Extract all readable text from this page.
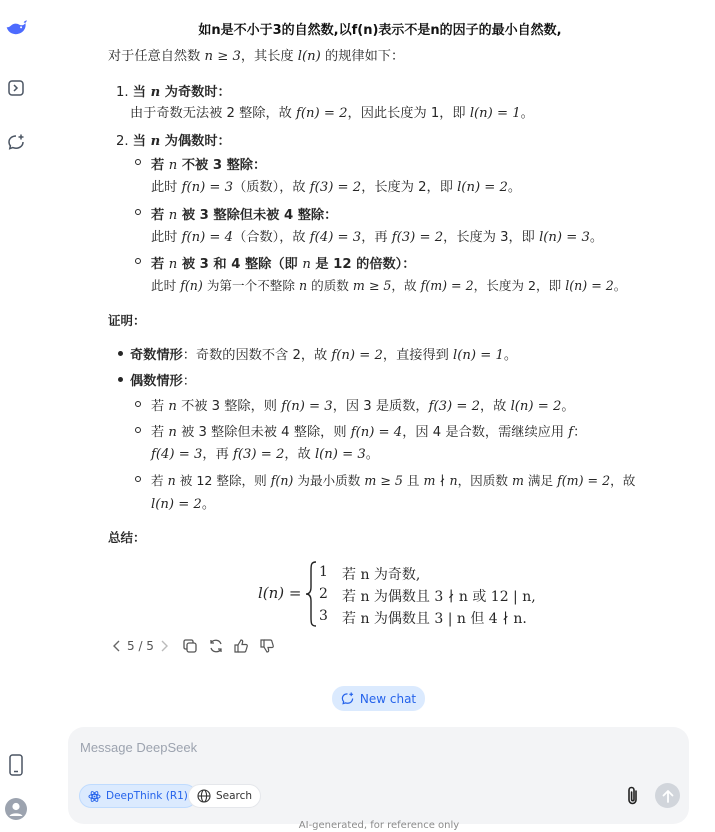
如n是不小于3的自然数,以f(n)表示不是n的因子的最小自然数,
对于任意自然数 n ≥ 3，其长度 l(n) 的规律如下：
1. 当 n 为奇数时：
由于奇数无法被 2 整除，故 f(n) = 2，因此长度为 1，即 l(n) = 1。
2. 当 n 为偶数时：
若 n 不被 3 整除：
此时 f(n) = 3（质数），故 f(3) = 2，长度为 2，即 l(n) = 2。
若 n 被 3 整除但未被 4 整除：
此时 f(n) = 4（合数），故 f(4) = 3，再 f(3) = 2，长度为 3，即 l(n) = 3。
若 n 被 3 和 4 整除（即 n 是 12 的倍数）：
此时 f(n) 为第一个不整除 n 的质数 m ≥ 5，故 f(m) = 2，长度为 2，即 l(n) = 2。
证明：
奇数情形：奇数的因数不含 2，故 f(n) = 2，直接得到 l(n) = 1。
偶数情形：
若 n 不被 3 整除，则 f(n) = 3，因 3 是质数，f(3) = 2，故 l(n) = 2。
若 n 被 3 整除但未被 4 整除，则 f(n) = 4，因 4 是合数，需继续应用 f：
f(4) = 3，再 f(3) = 2，故 l(n) = 3。
若 n 被 12 整除，则 f(n) 为最小质数 m ≥ 5 且 m ∤ n，因质数 m 满足 f(m) = 2，故
l(n) = 2。
总结：
l(n) =
1 若 n 为奇数,
2 若 n 为偶数且 3 ∤ n 或 12 | n,
3 若 n 为偶数且 3 | n 但 4 ∤ n.
5 / 5
New chat
Message DeepSeek
DeepThink (R1)	Search
AI-generated, for reference only
